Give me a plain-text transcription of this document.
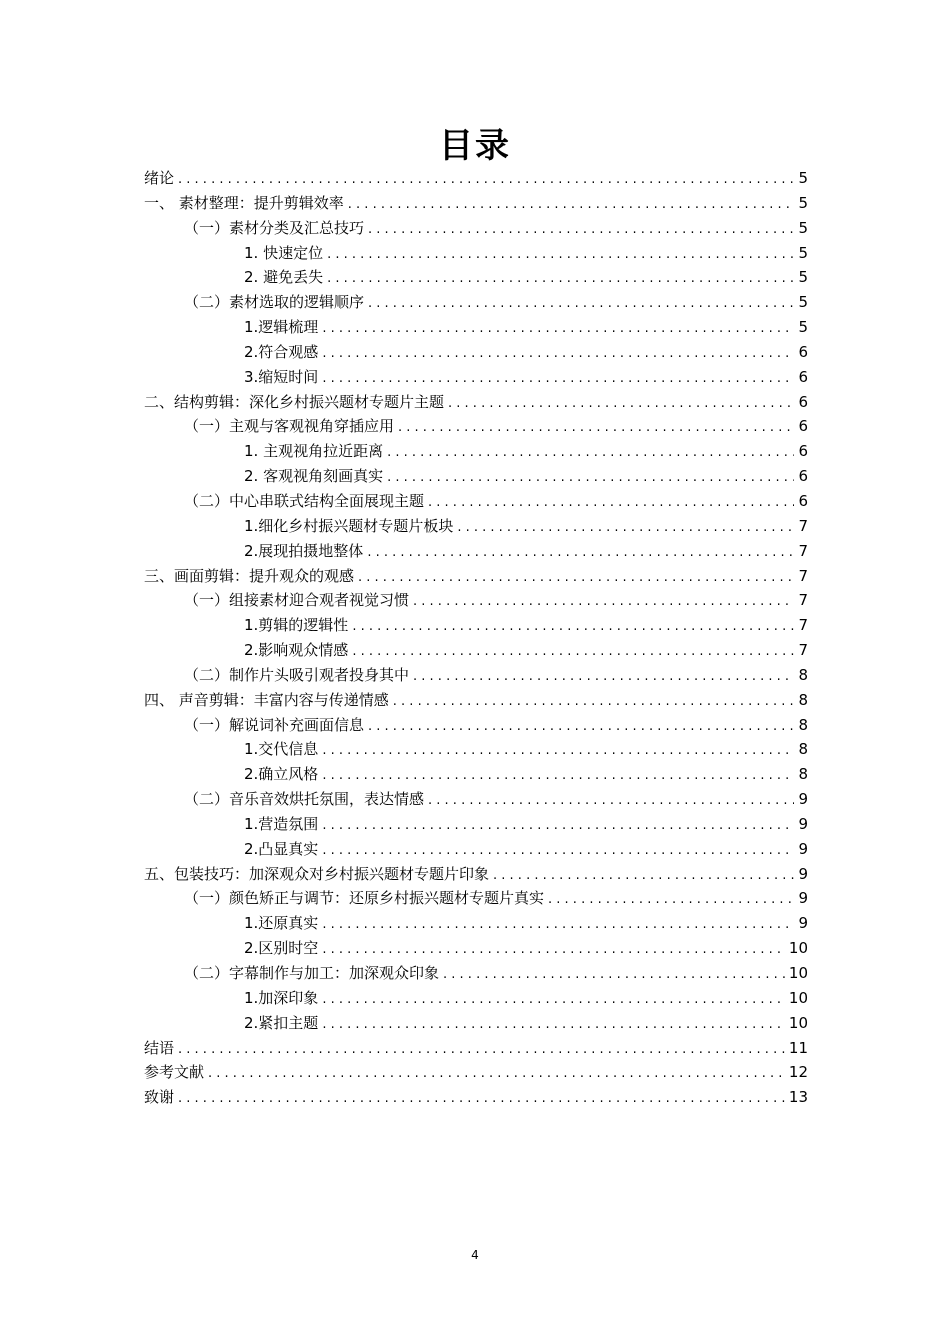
目录
绪论 . . .	5
一、 素材整理：提升剪辑效率 . . .	5
（一）素材分类及汇总技巧 . . .	5
1. 快速定位 . . .	5
2. 避免丢失 . . .	5
（二）素材选取的逻辑顺序 . . .	5
1.逻辑梳理 . . .	5
2.符合观感 . . .	6
3.缩短时间 . . .	6
二、结构剪辑：深化乡村振兴题材专题片主题 . . .	6
（一）主观与客观视角穿插应用 . . .	6
1. 主观视角拉近距离 . . .	6
2. 客观视角刻画真实 . . .	6
（二）中心串联式结构全面展现主题 . . .	6
1.细化乡村振兴题材专题片板块 . . .	7
2.展现拍摄地整体 . . .	7
三、画面剪辑：提升观众的观感 . . .	7
（一）组接素材迎合观者视觉习惯 . . .	7
1.剪辑的逻辑性 . . .	7
2.影响观众情感 . . .	7
（二）制作片头吸引观者投身其中 . . .	8
四、 声音剪辑：丰富内容与传递情感 . . .	8
（一）解说词补充画面信息 . . .	8
1.交代信息 . . .	8
2.确立风格 . . .	8
（二）音乐音效烘托氛围，表达情感 . . .	9
1.营造氛围 . . .	9
2.凸显真实 . . .	9
五、包装技巧：加深观众对乡村振兴题材专题片印象 . . .	9
（一）颜色矫正与调节：还原乡村振兴题材专题片真实 . . .	9
1.还原真实 . . .	9
2.区别时空 . . .	10
（二）字幕制作与加工：加深观众印象 . . .	10
1.加深印象 . . .	10
2.紧扣主题 . . .	10
结语 . . .	11
参考文献 . . .	12
致谢 . . .	13
4
